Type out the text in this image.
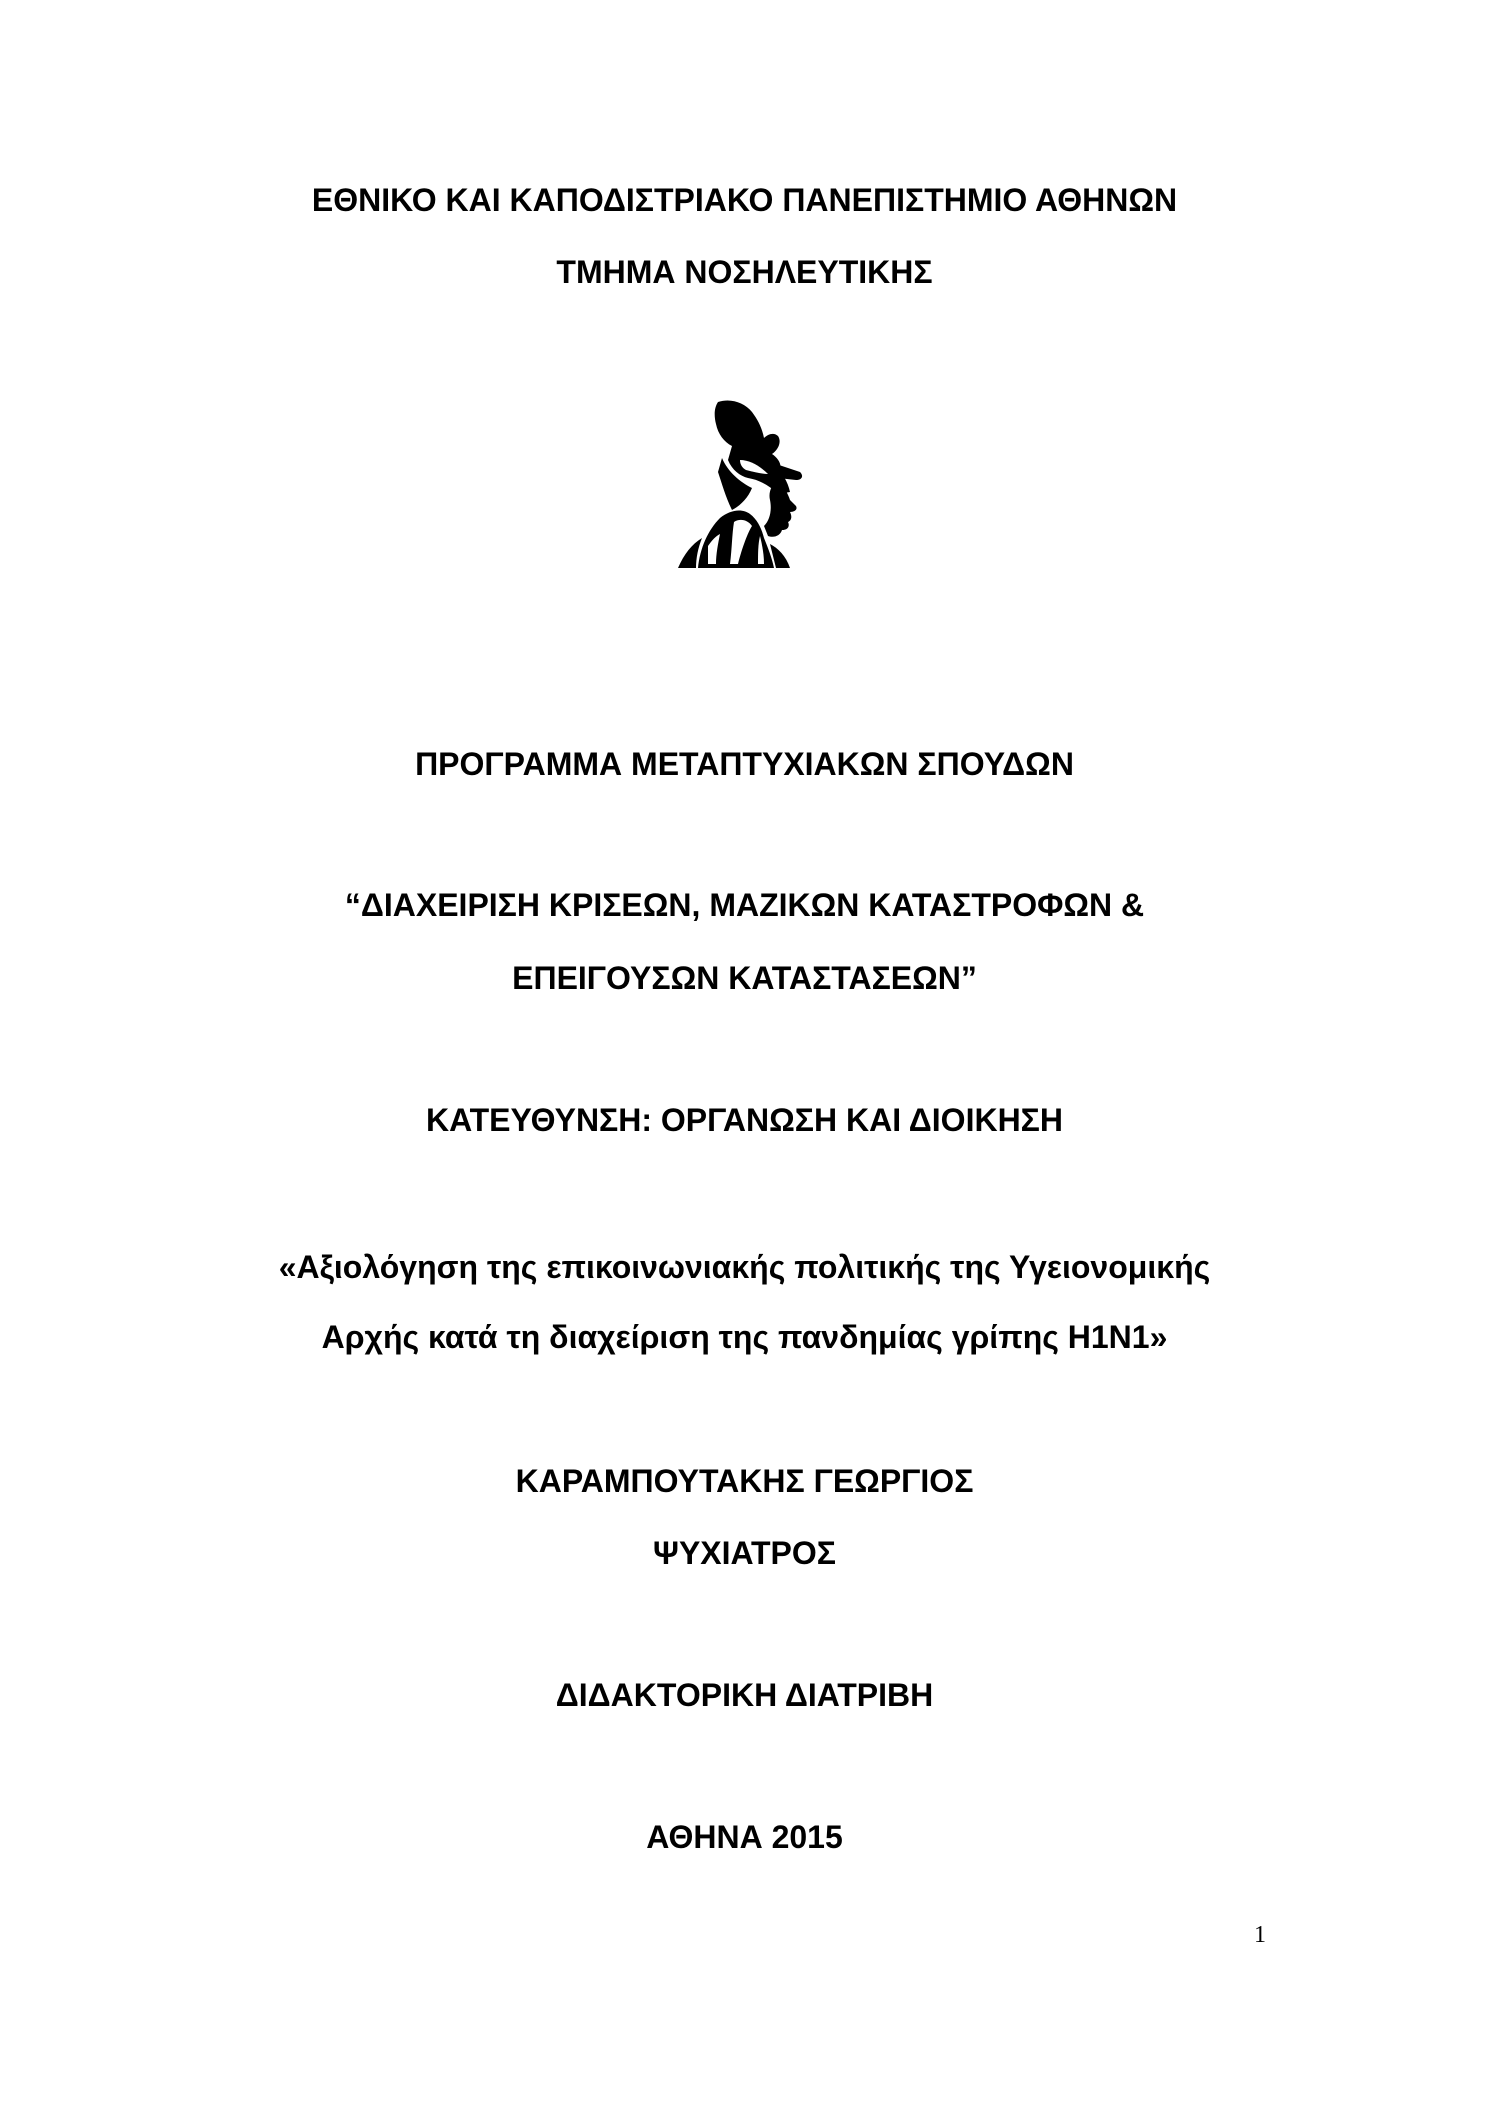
ΕΘΝΙΚΟ ΚΑΙ ΚΑΠΟΔΙΣΤΡΙΑΚΟ ΠΑΝΕΠΙΣΤΗΜΙΟ ΑΘΗΝΩΝ
ΤΜΗΜΑ ΝΟΣΗΛΕΥΤΙΚΗΣ
ΠΡΟΓΡΑΜΜΑ ΜΕΤΑΠΤΥΧΙΑΚΩΝ ΣΠΟΥΔΩΝ
“ΔΙΑΧΕΙΡΙΣΗ ΚΡΙΣΕΩΝ, ΜΑΖΙΚΩΝ ΚΑΤΑΣΤΡΟΦΩΝ &
ΕΠΕΙΓΟΥΣΩΝ ΚΑΤΑΣΤΑΣΕΩΝ”
ΚΑΤΕΥΘΥΝΣΗ: ΟΡΓΑΝΩΣΗ ΚΑΙ ΔΙΟΙΚΗΣΗ
«Αξιολόγηση της επικοινωνιακής πολιτικής της Υγειονομικής
Αρχής κατά τη διαχείριση της πανδημίας γρίπης Η1Ν1»
ΚΑΡΑΜΠΟΥΤΑΚΗΣ ΓΕΩΡΓΙΟΣ
ΨΥΧΙΑΤΡΟΣ
ΔΙΔΑΚΤΟΡΙΚΗ ΔΙΑΤΡΙΒΗ
ΑΘΗΝΑ 2015
1
